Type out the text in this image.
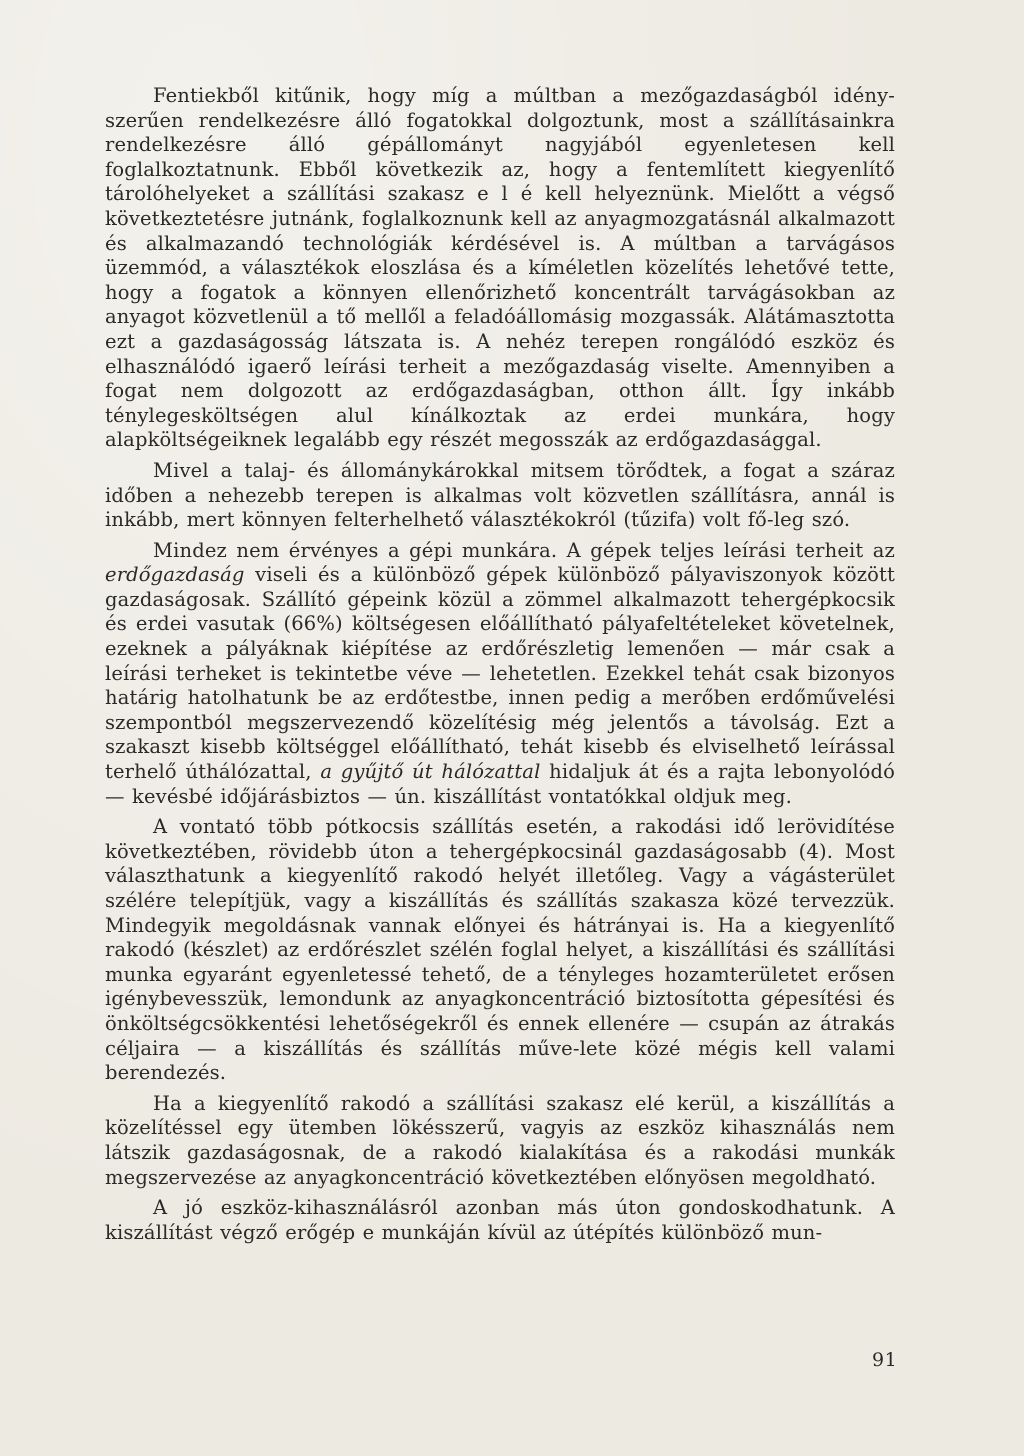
Fentiekből kitűnik, hogy míg a múltban a mezőgazdaságból idény-szerűen rendelkezésre álló fogatokkal dolgoztunk, most a szállításainkra rendelkezésre álló gépállományt nagyjából egyenletesen kell foglalkoztatnunk. Ebből következik az, hogy a fentemlített kiegyenlítő tárolóhelyeket a szállítási szakasz e l é kell helyeznünk. Mielőtt a végső következtetésre jutnánk, foglalkoznunk kell az anyagmozgatásnál alkalmazott és alkalmazandó technológiák kérdésével is. A múltban a tarvágásos üzemmód, a választékok eloszlása és a kíméletlen közelítés lehetővé tette, hogy a fogatok a könnyen ellenőrizhető koncentrált tarvágásokban az anyagot közvetlenül a tő mellől a feladóállomásig mozgassák. Alátámasztotta ezt a gazdaságosság látszata is. A nehéz terepen rongálódó eszköz és elhasználódó igaerő leírási terheit a mezőgazdaság viselte. Amennyiben a fogat nem dolgozott az erdőgazdaságban, otthon állt. Így inkább ténylegesköltségen alul kínálkoztak az erdei munkára, hogy alapköltségeiknek legalább egy részét megosszák az erdőgazdasággal.

Mivel a talaj- és állománykárokkal mitsem törődtek, a fogat a száraz időben a nehezebb terepen is alkalmas volt közvetlen szállításra, annál is inkább, mert könnyen felterhelhető választékokról (tűzifa) volt fő-leg szó.

Mindez nem érvényes a gépi munkára. A gépek teljes leírási terheit az erdőgazdaság viseli és a különböző gépek különböző pályaviszonyok között gazdaságosak. Szállító gépeink közül a zömmel alkalmazott tehergépkocsik és erdei vasutak (66%) költségesen előállítható pályafeltételeket követelnek, ezeknek a pályáknak kiépítése az erdőrészletig lemenően — már csak a leírási terheket is tekintetbe véve — lehetetlen. Ezekkel tehát csak bizonyos határig hatolhatunk be az erdőtestbe, innen pedig a merőben erdőművelési szempontból megszervezendő közelítésig még jelentős a távolság. Ezt a szakaszt kisebb költséggel előállítható, tehát kisebb és elviselhető leírással terhelő úthálózattal, a gyűjtő út hálózattal hidaljuk át és a rajta lebonyolódó — kevésbé időjárásbiztos — ún. kiszállítást vontatókkal oldjuk meg.

A vontató több pótkocsis szállítás esetén, a rakodási idő lerövidítése következtében, rövidebb úton a tehergépkocsinál gazdaságosabb (4). Most választhatunk a kiegyenlítő rakodó helyét illetőleg. Vagy a vágásterület szélére telepítjük, vagy a kiszállítás és szállítás szakasza közé tervezzük. Mindegyik megoldásnak vannak előnyei és hátrányai is. Ha a kiegyenlítő rakodó (készlet) az erdőrészlet szélén foglal helyet, a kiszállítási és szállítási munka egyaránt egyenletessé tehető, de a tényleges hozamterületet erősen igénybevesszük, lemondunk az anyagkoncentráció biztosította gépesítési és önköltségcsökkentési lehetőségekről és ennek ellenére — csupán az átrakás céljaira — a kiszállítás és szállítás műve-lete közé mégis kell valami berendezés.

Ha a kiegyenlítő rakodó a szállítási szakasz elé kerül, a kiszállítás a közelítéssel egy ütemben lökésszerű, vagyis az eszköz kihasználás nem látszik gazdaságosnak, de a rakodó kialakítása és a rakodási munkák megszervezése az anyagkoncentráció következtében előnyösen megoldható.

A jó eszköz-kihasználásról azonban más úton gondoskodhatunk. A kiszállítást végző erőgép e munkáján kívül az útépítés különböző mun-

91
